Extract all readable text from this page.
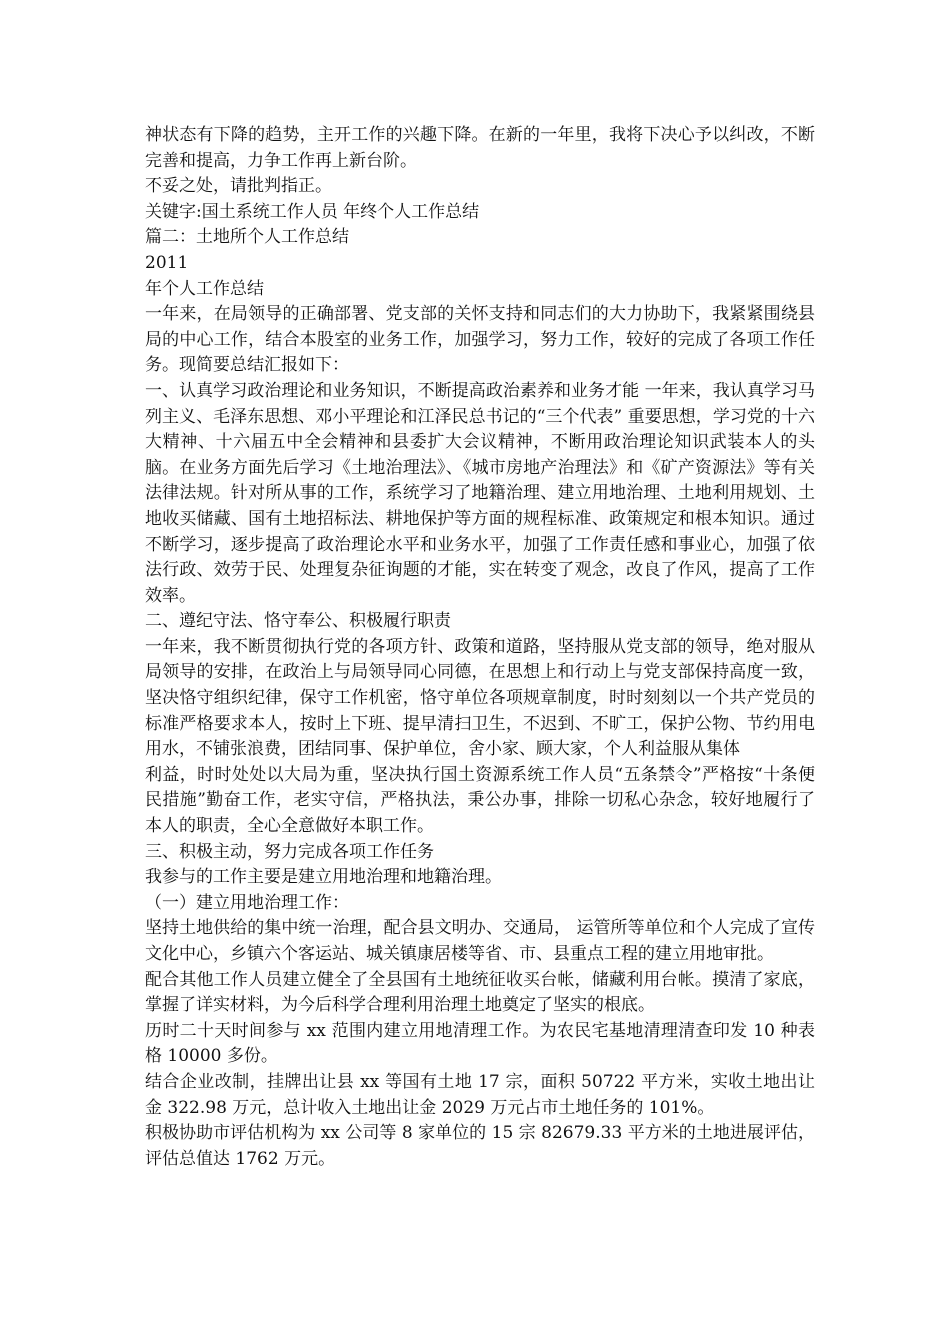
神状态有下降的趋势，主开工作的兴趣下降。在新的一年里，我将下决心予以纠改，不断完善和提高，力争工作再上新台阶。

不妥之处，请批判指正。

关键字:国土系统工作人员 年终个人工作总结

篇二：土地所个人工作总结

2011

年个人工作总结

一年来，在局领导的正确部署、党支部的关怀支持和同志们的大力协助下，我紧紧围绕县局的中心工作，结合本股室的业务工作，加强学习，努力工作，较好的完成了各项工作任务。现简要总结汇报如下：

一、认真学习政治理论和业务知识，不断提高政治素养和业务才能 一年来，我认真学习马列主义、毛泽东思想、邓小平理论和江泽民总书记的“三个代表” 重要思想，学习党的十六大精神、十六届五中全会精神和县委扩大会议精神，不断用政治理论知识武装本人的头脑。在业务方面先后学习《土地治理法》、《城市房地产治理法》和《矿产资源法》等有关法律法规。针对所从事的工作，系统学习了地籍治理、建立用地治理、土地利用规划、土地收买储藏、国有土地招标法、耕地保护等方面的规程标准、政策规定和根本知识。通过不断学习，逐步提高了政治理论水平和业务水平，加强了工作责任感和事业心，加强了依法行政、效劳于民、处理复杂征询题的才能，实在转变了观念，改良了作风，提高了工作效率。

二、遵纪守法、恪守奉公、积极履行职责

一年来，我不断贯彻执行党的各项方针、政策和道路，坚持服从党支部的领导，绝对服从局领导的安排，在政治上与局领导同心同德，在思想上和行动上与党支部保持高度一致，坚决恪守组织纪律，保守工作机密，恪守单位各项规章制度，时时刻刻以一个共产党员的标准严格要求本人，按时上下班、提早清扫卫生，不迟到、不旷工，保护公物、节约用电用水，不铺张浪费，团结同事、保护单位，舍小家、顾大家，个人利益服从集体

利益，时时处处以大局为重，坚决执行国土资源系统工作人员“五条禁令”严格按“十条便民措施”勤奋工作，老实守信，严格执法，秉公办事，排除一切私心杂念，较好地履行了本人的职责，全心全意做好本职工作。

三、积极主动，努力完成各项工作任务

我参与的工作主要是建立用地治理和地籍治理。

（一）建立用地治理工作：

坚持土地供给的集中统一治理，配合县文明办、交通局， 运管所等单位和个人完成了宣传文化中心，乡镇六个客运站、城关镇康居楼等省、市、县重点工程的建立用地审批。

配合其他工作人员建立健全了全县国有土地统征收买台帐，储藏利用台帐。摸清了家底，掌握了详实材料，为今后科学合理利用治理土地奠定了坚实的根底。

历时二十天时间参与 xx 范围内建立用地清理工作。为农民宅基地清理清查印发 10 种表格 10000 多份。

结合企业改制，挂牌出让县 xx 等国有土地 17 宗，面积 50722 平方米，实收土地出让金 322.98 万元，总计收入土地出让金 2029 万元占市土地任务的 101%。

积极协助市评估机构为 xx 公司等 8 家单位的 15 宗 82679.33 平方米的土地进展评估，评估总值达 1762 万元。
